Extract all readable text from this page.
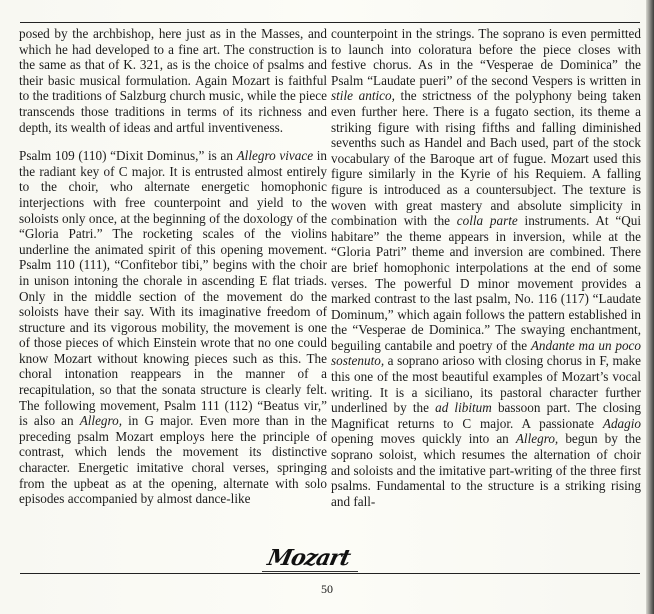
posed by the archbishop, here just as in the Masses, and which he had developed to a fine art. The construction is the same as that of K. 321, as is the choice of psalms and their basic musical formulation. Again Mozart is faithful to the traditions of Salzburg church music, while the piece transcends those traditions in terms of its richness and depth, its wealth of ideas and artful inventiveness.

Psalm 109 (110) “Dixit Dominus,” is an Allegro vivace in the radiant key of C major. It is entrusted almost entirely to the choir, who alternate energetic homophonic interjections with free counterpoint and yield to the soloists only once, at the beginning of the doxology of the “Gloria Patri.” The rocketing scales of the violins underline the animated spirit of this opening movement. Psalm 110 (111), “Confitebor tibi,” begins with the choir in unison intoning the chorale in ascending E flat triads. Only in the middle section of the movement do the soloists have their say. With its imaginative freedom of structure and its vigorous mobility, the movement is one of those pieces of which Einstein wrote that no one could know Mozart without knowing pieces such as this. The choral intonation reappears in the manner of a recapitulation, so that the sonata structure is clearly felt. The following movement, Psalm 111 (112) “Beatus vir,” is also an Allegro, in G major. Even more than in the preceding psalm Mozart employs here the principle of contrast, which lends the movement its distinctive character. Energetic imitative choral verses, springing from the upbeat as at the opening, alternate with solo episodes accompanied by almost dance-like

counterpoint in the strings. The soprano is even permitted to launch into coloratura before the piece closes with festive chorus. As in the “Vesperae de Dominica” the Psalm “Laudate pueri” of the second Vespers is written in stile antico, the strictness of the polyphony being taken even further here. There is a fugato section, its theme a striking figure with rising fifths and falling diminished sevenths such as Handel and Bach used, part of the stock vocabulary of the Baroque art of fugue. Mozart used this figure similarly in the Kyrie of his Requiem. A falling figure is introduced as a countersubject. The texture is woven with great mastery and absolute simplicity in combination with the colla parte instruments. At “Qui habitare” the theme appears in inversion, while at the “Gloria Patri” theme and inversion are combined. There are brief homophonic interpolations at the end of some verses. The powerful D minor movement provides a marked contrast to the last psalm, No. 116 (117) “Laudate Dominum,” which again follows the pattern established in the “Vesperae de Dominica.” The swaying enchantment, beguiling cantabile and poetry of the Andante ma un poco sostenuto, a soprano arioso with closing chorus in F, make this one of the most beautiful examples of Mozart’s vocal writing. It is a siciliano, its pastoral character further underlined by the ad libitum bassoon part. The closing Magnificat returns to C major. A passionate Adagio opening moves quickly into an Allegro, begun by the soprano soloist, which resumes the alternation of choir and soloists and the imitative part-writing of the three first psalms. Fundamental to the structure is a striking rising and fall-

Mozart
50
